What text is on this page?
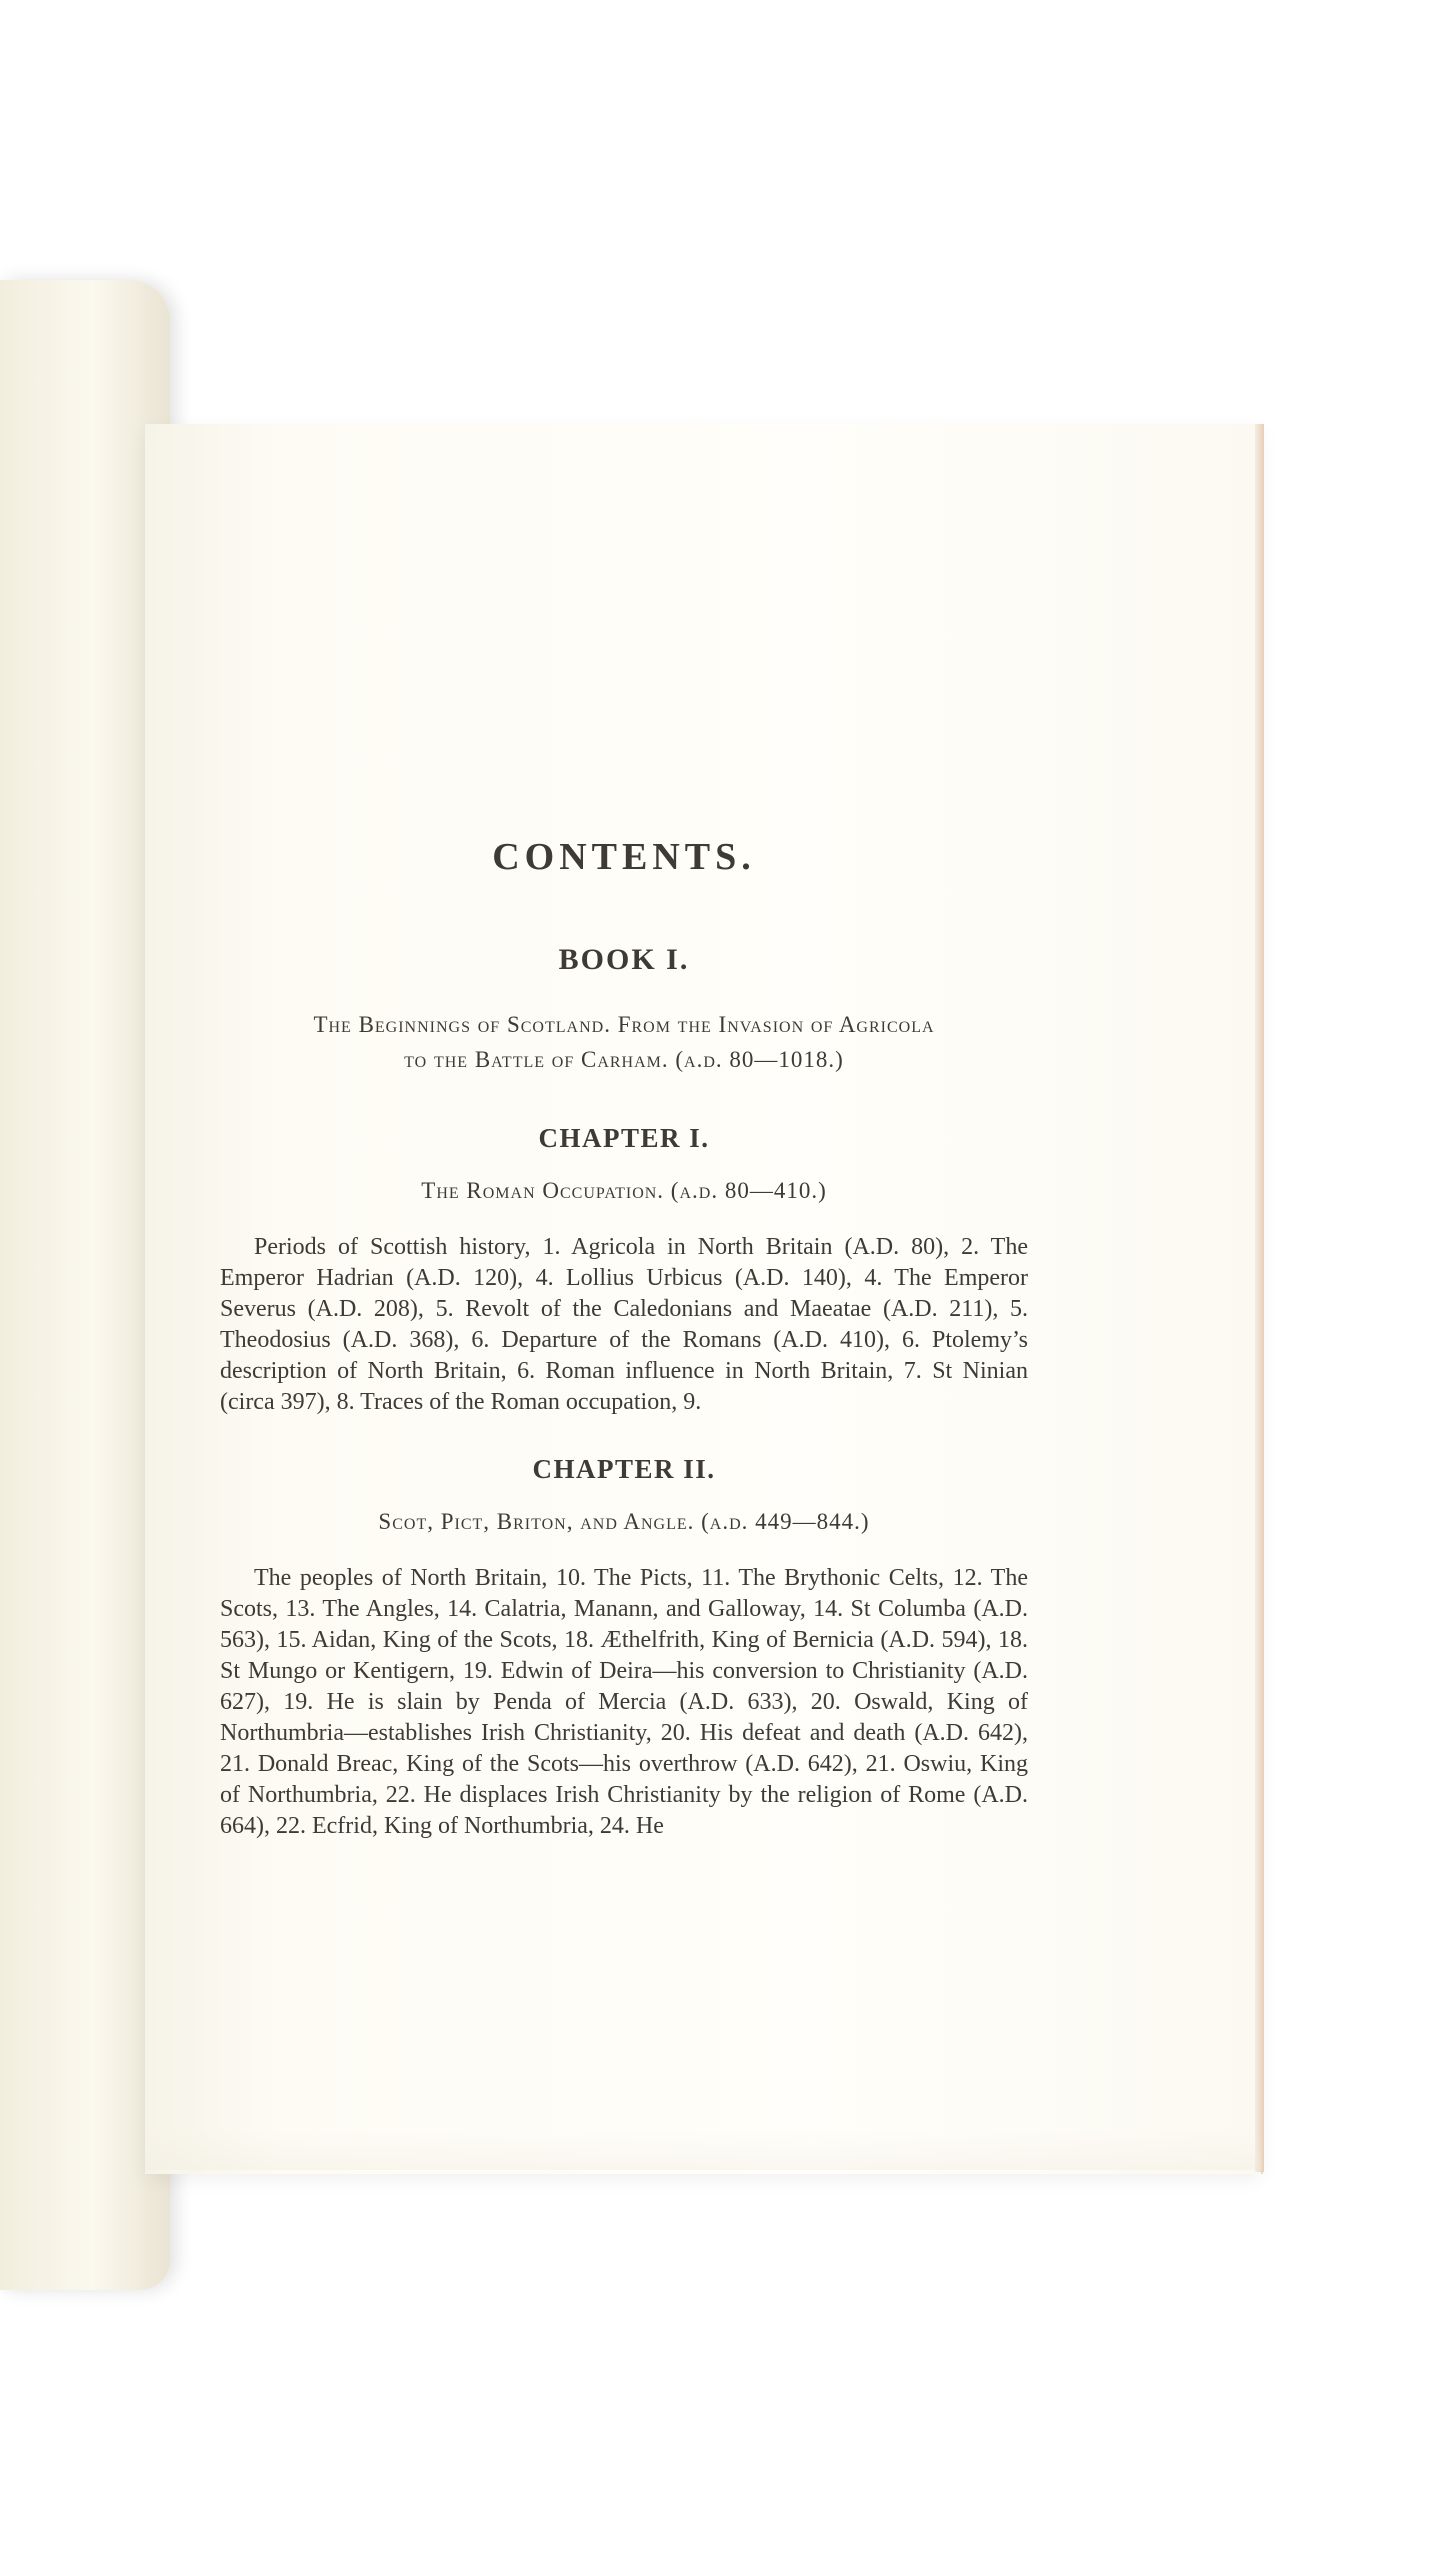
CONTENTS.
BOOK I.
The Beginnings of Scotland. From the Invasion of Agricola
to the Battle of Carham. (a.d. 80—1018.)
CHAPTER I.
The Roman Occupation. (a.d. 80—410.)

Periods of Scottish history, 1. Agricola in North Britain (A.D. 80), 2. The Emperor Hadrian (A.D. 120), 4. Lollius Urbicus (A.D. 140), 4. The Emperor Severus (A.D. 208), 5. Revolt of the Caledonians and Maeatae (A.D. 211), 5. Theodosius (A.D. 368), 6. Departure of the Romans (A.D. 410), 6. Ptolemy’s description of North Britain, 6. Roman influence in North Britain, 7. St Ninian (circa 397), 8. Traces of the Roman occupation, 9.

CHAPTER II.
Scot, Pict, Briton, and Angle. (a.d. 449—844.)

The peoples of North Britain, 10. The Picts, 11. The Brythonic Celts, 12. The Scots, 13. The Angles, 14. Calatria, Manann, and Galloway, 14. St Columba (A.D. 563), 15. Aidan, King of the Scots, 18. Æthelfrith, King of Bernicia (A.D. 594), 18. St Mungo or Kentigern, 19. Edwin of Deira—his conversion to Christianity (A.D. 627), 19. He is slain by Penda of Mercia (A.D. 633), 20. Oswald, King of Northumbria—establishes Irish Christianity, 20. His defeat and death (A.D. 642), 21. Donald Breac, King of the Scots—his overthrow (A.D. 642), 21. Oswiu, King of Northumbria, 22. He displaces Irish Christianity by the religion of Rome (A.D. 664), 22. Ecfrid, King of Northumbria, 24. He
